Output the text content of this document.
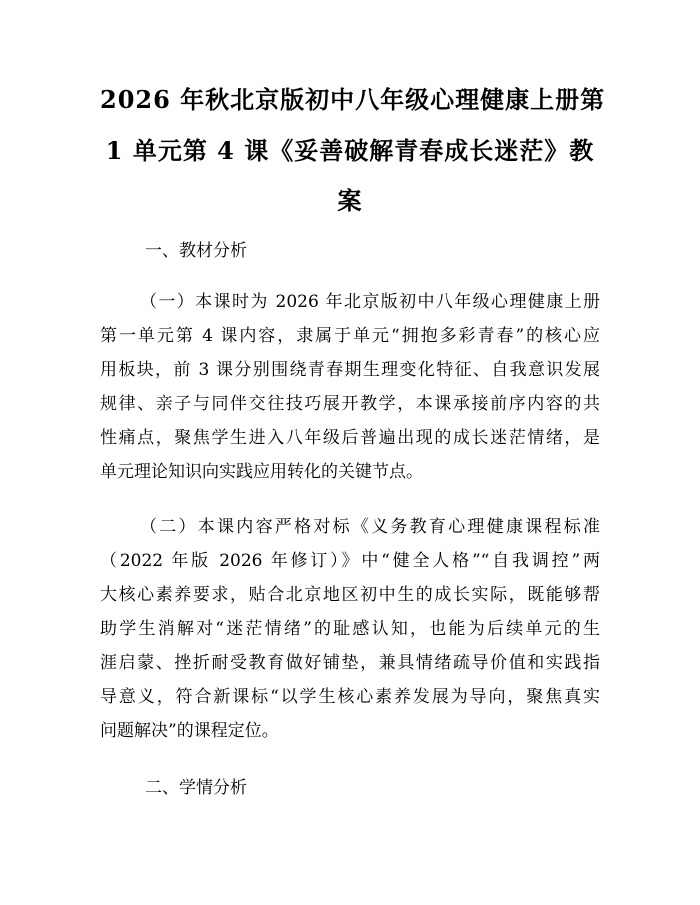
2026 年秋北京版初中八年级心理健康上册第
1 单元第 4 课《妥善破解青春成长迷茫》教
案
一、教材分析
（一）本课时为 2026 年北京版初中八年级心理健康上册
第一单元第 4 课内容，隶属于单元“拥抱多彩青春”的核心应
用板块，前 3 课分别围绕青春期生理变化特征、自我意识发展
规律、亲子与同伴交往技巧展开教学，本课承接前序内容的共
性痛点，聚焦学生进入八年级后普遍出现的成长迷茫情绪，是
单元理论知识向实践应用转化的关键节点。
（二）本课内容严格对标《义务教育心理健康课程标准
（2022 年版 2026 年修订）》中“健全人格”“自我调控”两
大核心素养要求，贴合北京地区初中生的成长实际，既能够帮
助学生消解对“迷茫情绪”的耻感认知，也能为后续单元的生
涯启蒙、挫折耐受教育做好铺垫，兼具情绪疏导价值和实践指
导意义，符合新课标“以学生核心素养发展为导向，聚焦真实
问题解决”的课程定位。
二、学情分析
